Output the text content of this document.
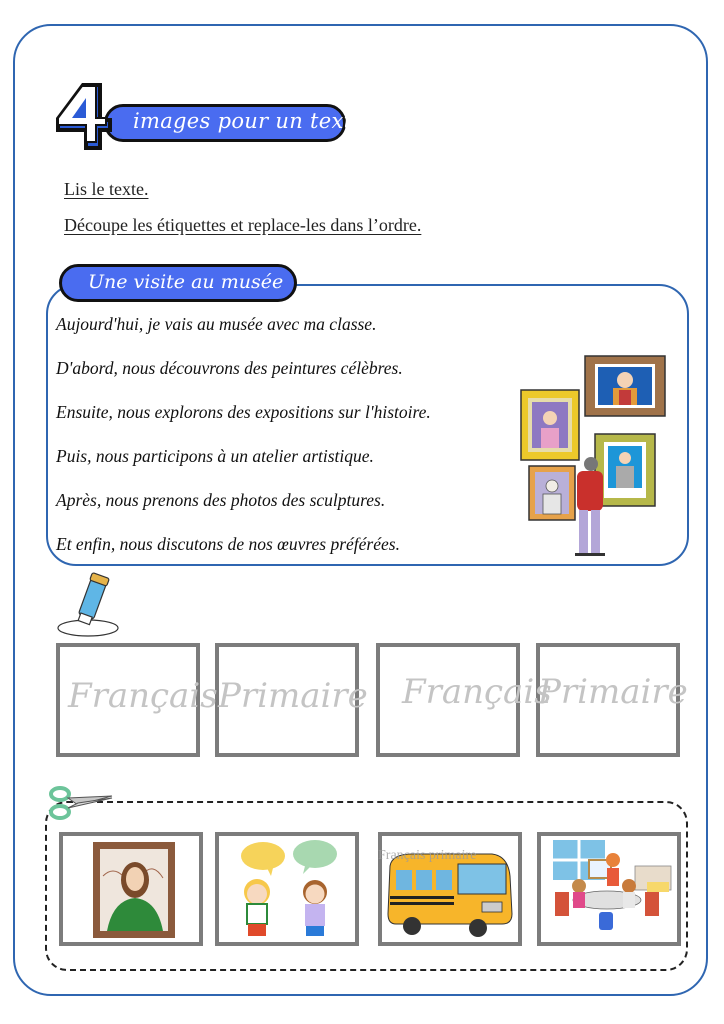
images pour un texte
Lis le texte.
Découpe les étiquettes et replace-les dans l’ordre.
Une visite au musée
Aujourd'hui, je vais au musée avec ma classe.
D'abord, nous découvrons des peintures célèbres.
Ensuite, nous explorons des expositions sur l'histoire.
Puis, nous participons à un atelier artistique.
Après, nous prenons des photos des sculptures.
Et enfin, nous discutons de nos œuvres préférées.
Français Primaire Français
Primaire
Français primaire
